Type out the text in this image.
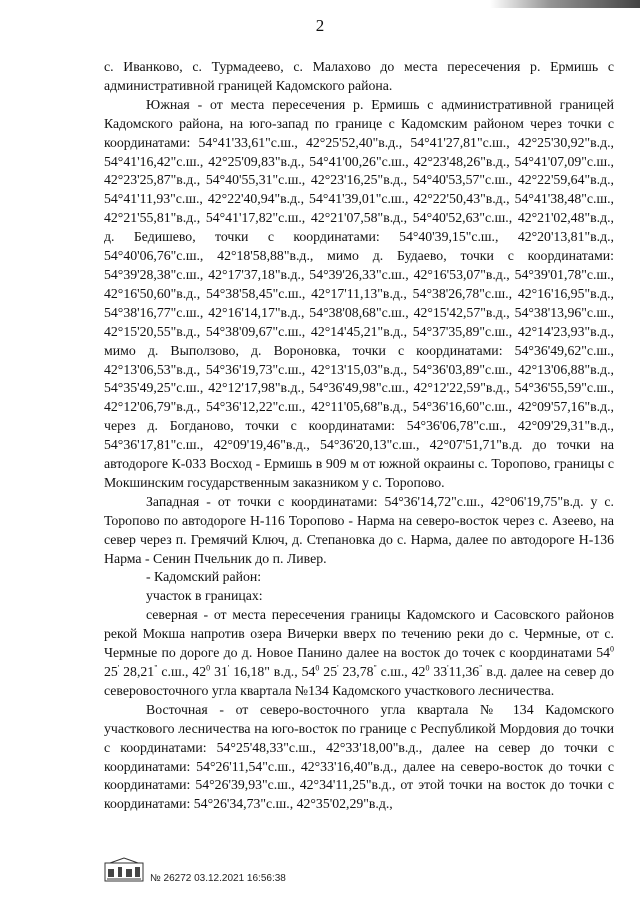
2

с. Иванково, с. Турмадеево, с. Малахово до места пересечения р. Ермишь с административной границей Кадомского района.

Южная - от места пересечения р. Ермишь с административной границей Кадомского района, на юго-запад по границе с Кадомским районом через точки с координатами: 54°41'33,61"с.ш., 42°25'52,40"в.д., 54°41'27,81"с.ш., 42°25'30,92"в.д., 54°41'16,42"с.ш., 42°25'09,83"в.д., 54°41'00,26"с.ш., 42°23'48,26"в.д., 54°41'07,09"с.ш., 42°23'25,87"в.д., 54°40'55,31"с.ш., 42°23'16,25"в.д., 54°40'53,57"с.ш., 42°22'59,64"в.д., 54°41'11,93"с.ш., 42°22'40,94"в.д., 54°41'39,01"с.ш., 42°22'50,43"в.д., 54°41'38,48"с.ш., 42°21'55,81"в.д., 54°41'17,82"с.ш., 42°21'07,58"в.д., 54°40'52,63"с.ш., 42°21'02,48"в.д., д. Бедишево, точки с координатами: 54°40'39,15"с.ш., 42°20'13,81"в.д., 54°40'06,76"с.ш., 42°18'58,88"в.д., мимо д. Будаево, точки с координатами: 54°39'28,38"с.ш., 42°17'37,18"в.д., 54°39'26,33"с.ш., 42°16'53,07"в.д., 54°39'01,78"с.ш., 42°16'50,60"в.д., 54°38'58,45"с.ш., 42°17'11,13"в.д., 54°38'26,78"с.ш., 42°16'16,95"в.д., 54°38'16,77"с.ш., 42°16'14,17"в.д., 54°38'08,68"с.ш., 42°15'42,57"в.д., 54°38'13,96"с.ш., 42°15'20,55"в.д., 54°38'09,67"с.ш., 42°14'45,21"в.д., 54°37'35,89"с.ш., 42°14'23,93"в.д., мимо д. Выползово, д. Вороновка, точки с координатами: 54°36'49,62"с.ш., 42°13'06,53"в.д., 54°36'19,73"с.ш., 42°13'15,03"в.д., 54°36'03,89"с.ш., 42°13'06,88"в.д., 54°35'49,25"с.ш., 42°12'17,98"в.д., 54°36'49,98"с.ш., 42°12'22,59"в.д., 54°36'55,59"с.ш., 42°12'06,79"в.д., 54°36'12,22"с.ш., 42°11'05,68"в.д., 54°36'16,60"с.ш., 42°09'57,16"в.д., через д. Богданово, точки с координатами: 54°36'06,78"с.ш., 42°09'29,31"в.д., 54°36'17,81"с.ш., 42°09'19,46"в.д., 54°36'20,13"с.ш., 42°07'51,71"в.д. до точки на автодороге К-033 Восход - Ермишь в 909 м от южной окраины с. Торопово, границы с Мокшинским государственным заказником у с. Торопово.

Западная - от точки с координатами: 54°36'14,72"с.ш., 42°06'19,75"в.д. у с. Торопово по автодороге Н-116 Торопово - Нарма на северо-восток через с. Азеево, на север через п. Гремячий Ключ, д. Степановка до с. Нарма, далее по автодороге Н-136 Нарма - Сенин Пчельник до п. Ливер.

- Кадомский район:

участок в границах:

северная - от места пересечения границы Кадомского и Сасовского районов рекой Мокша напротив озера Вичерки вверх по течению реки до с. Чермные, от с. Чермные по дороге до д. Новое Панино далее на восток до точек с координатами $54^0$ 25' 28,21" с.ш., $42^0$ 31' 16,18" в.д., $54^0$ 25' 23,78" с.ш., $42^0$ 33'11,36" в.д. далее на север до северовосточного угла квартала №134 Кадомского участкового лесничества.

Восточная - от северо-восточного угла квартала № 134 Кадомского участкового лесничества на юго-восток по границе с Республикой Мордовия до точки с координатами: 54°25'48,33"с.ш., 42°33'18,00"в.д., далее на север до точки с координатами: 54°26'11,54"с.ш., 42°33'16,40"в.д., далее на северо-восток до точки с координатами: 54°26'39,93"с.ш., 42°34'11,25"в.д., от этой точки на восток до точки с координатами: 54°26'34,73"с.ш., 42°35'02,29"в.д.,

№ 26272 03.12.2021 16:56:38
